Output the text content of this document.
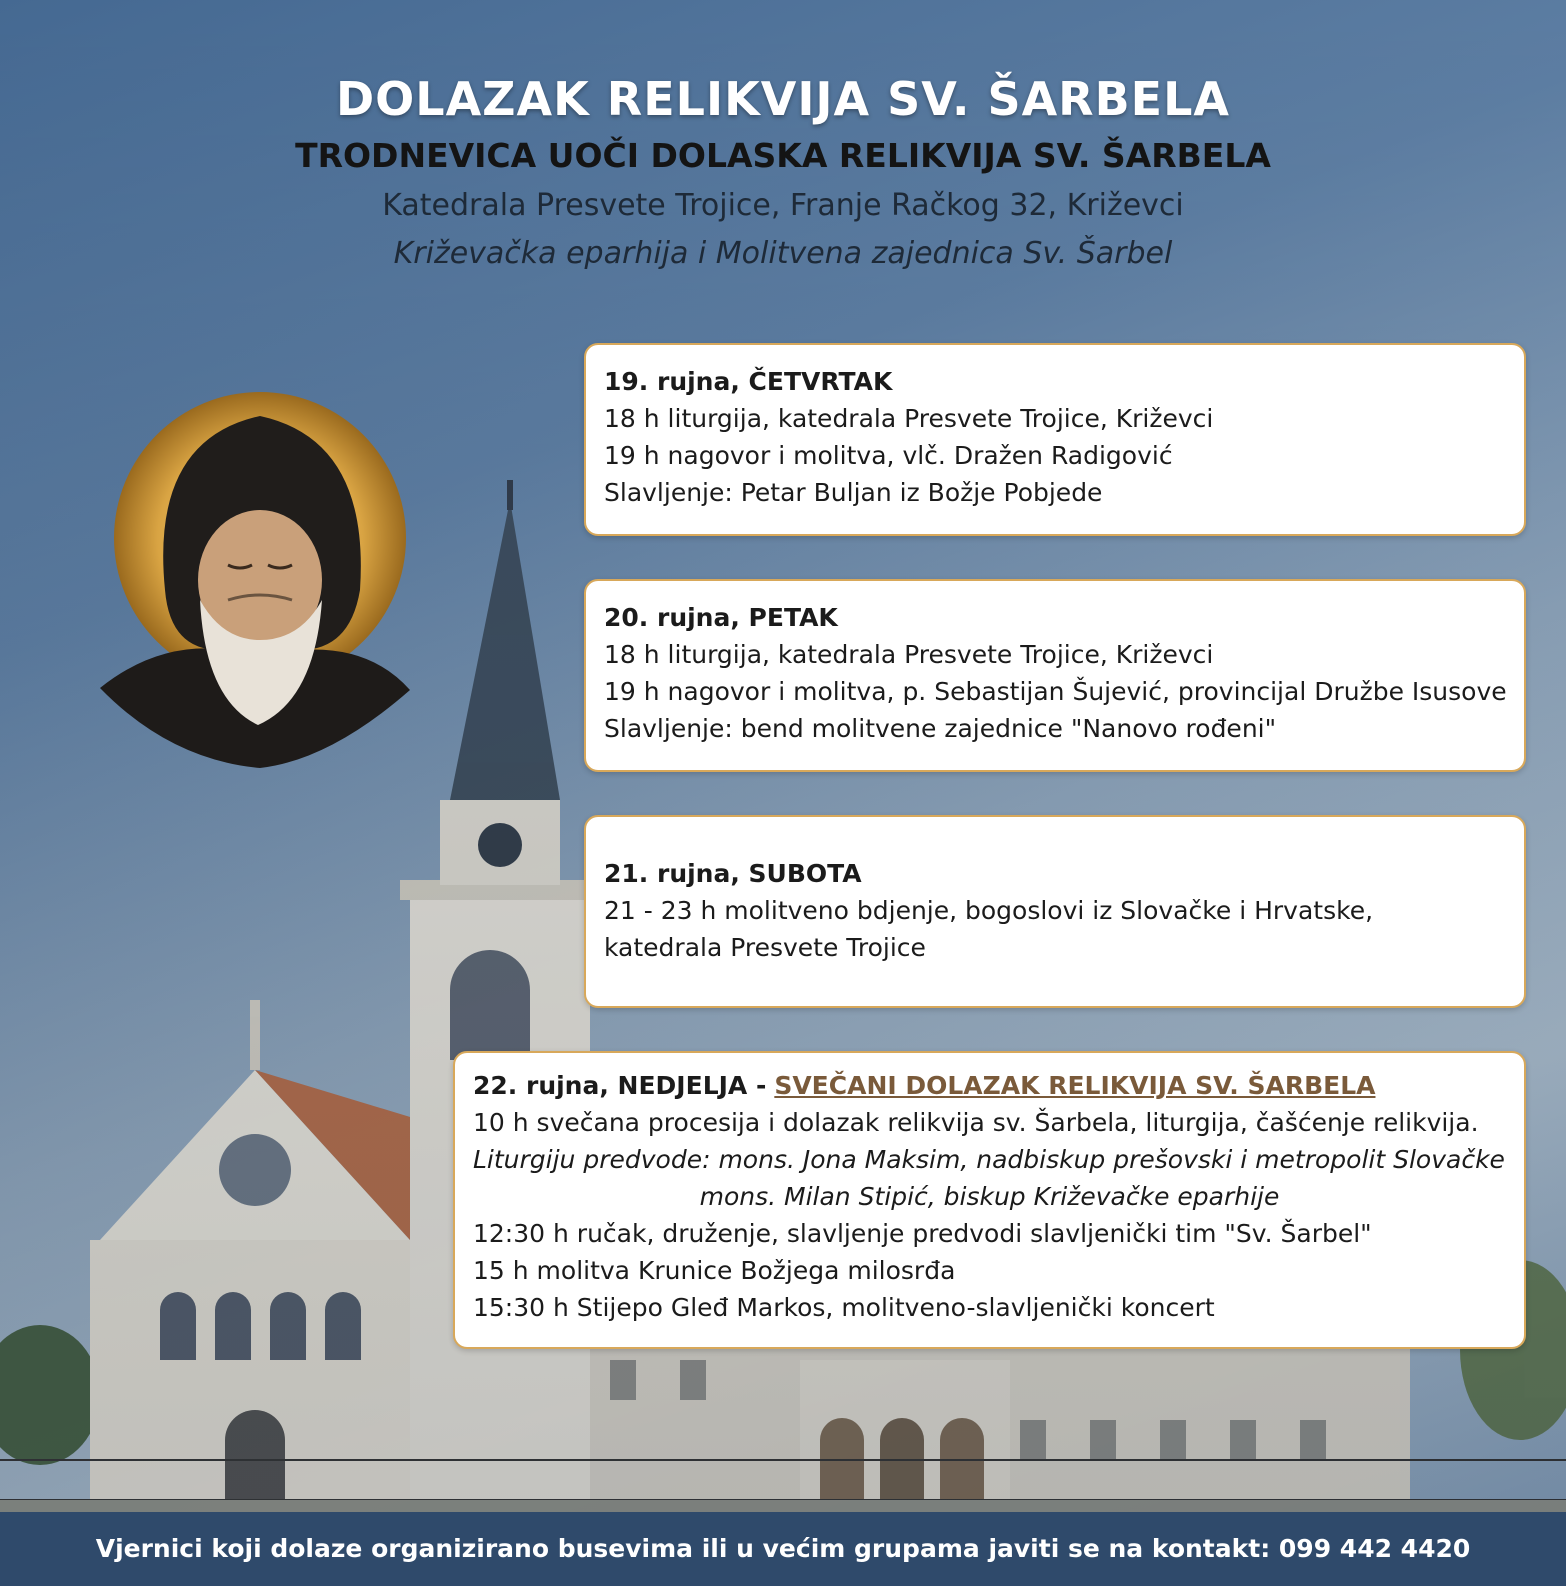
DOLAZAK RELIKVIJA SV. ŠARBELA
TRODNEVICA UOČI DOLASKA RELIKVIJA SV. ŠARBELA
Katedrala Presvete Trojice, Franje Račkog 32, Križevci
Križevačka eparhija i Molitvena zajednica Sv. Šarbel
19. rujna, ČETVRTAK
18 h liturgija, katedrala Presvete Trojice, Križevci
19 h nagovor i molitva, vlč. Dražen Radigović
Slavljenje: Petar Buljan iz Božje Pobjede
20. rujna, PETAK
18 h liturgija, katedrala Presvete Trojice, Križevci
19 h nagovor i molitva, p. Sebastijan Šujević, provincijal Družbe Isusove
Slavljenje: bend molitvene zajednice "Nanovo rođeni"
21. rujna, SUBOTA
21 - 23 h molitveno bdjenje, bogoslovi iz Slovačke i Hrvatske,
katedrala Presvete Trojice
22. rujna, NEDJELJA - SVEČANI DOLAZAK RELIKVIJA SV. ŠARBELA
10 h svečana procesija i dolazak relikvija sv. Šarbela, liturgija, čašćenje relikvija.
Liturgiju predvode: mons. Jona Maksim, nadbiskup prešovski i metropolit Slovačke
mons. Milan Stipić, biskup Križevačke eparhije
12:30 h ručak, druženje, slavljenje predvodi slavljenički tim "Sv. Šarbel"
15 h molitva Krunice Božjega milosrđa
15:30 h Stijepo Gleđ Markos, molitveno-slavljenički koncert
Vjernici koji dolaze organizirano busevima ili u većim grupama javiti se na kontakt: 099 442 4420
